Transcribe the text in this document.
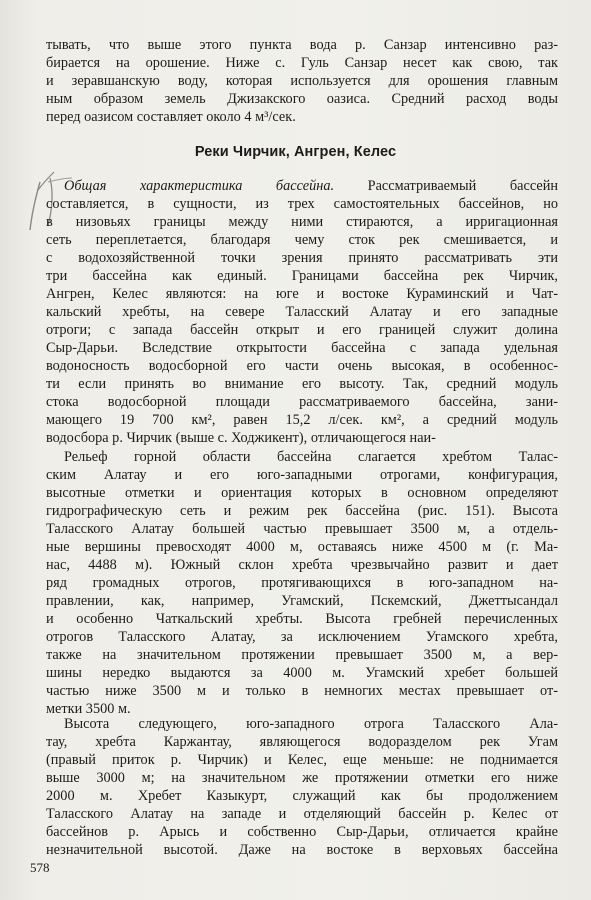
тывать, что выше этого пункта вода р. Санзар интенсивно раз-
бирается на орошение. Ниже с. Гуль Санзар несет как свою, так
и зеравшанскую воду, которая используется для орошения главным
ным образом земель Джизакского оазиса. Средний расход воды
перед оазисом составляет около 4 м³/сек.
Реки Чирчик, Ангрен, Келес
Общая характеристика бассейна. Рассматриваемый бассейн
составляется, в сущности, из трех самостоятельных бассейнов, но
в низовьях границы между ними стираются, а ирригационная
сеть переплетается, благодаря чему сток рек смешивается, и
с водохозяйственной точки зрения принято рассматривать эти
три бассейна как единый. Границами бассейна рек Чирчик,
Ангрен, Келес являются: на юге и востоке Кураминский и Чат-
кальский хребты, на севере Таласский Алатау и его западные
отроги; с запада бассейн открыт и его границей служит долина
Сыр-Дарьи. Вследствие открытости бассейна с запада удельная
водоносность водосборной его части очень высокая, в особеннос-
ти если принять во внимание его высоту. Так, средний модуль
стока водосборной площади рассматриваемого бассейна, зани-
мающего 19 700 км², равен 15,2 л/сек. км², а средний модуль
водосбора р. Чирчик (выше с. Ходжикент), отличающегося наи-
Рельеф горной области бассейна слагается хребтом Талас-
ским Алатау и его юго-западными отрогами, конфигурация,
высотные отметки и ориентация которых в основном определяют
гидрографическую сеть и режим рек бассейна (рис. 151). Высота
Таласского Алатау большей частью превышает 3500 м, а отдель-
ные вершины превосходят 4000 м, оставаясь ниже 4500 м (г. Ма-
нас, 4488 м). Южный склон хребта чрезвычайно развит и дает
ряд громадных отрогов, протягивающихся в юго-западном на-
правлении, как, например, Угамский, Пскемский, Джеттысандал
и особенно Чаткальский хребты. Высота гребней перечисленных
отрогов Таласского Алатау, за исключением Угамского хребта,
также на значительном протяжении превышает 3500 м, а вер-
шины нередко выдаются за 4000 м. Угамский хребет большей
частью ниже 3500 м и только в немногих местах превышает от-
метки 3500 м.
Высота следующего, юго-западного отрога Таласского Ала-
тау, хребта Каржантау, являющегося водоразделом рек Угам
(правый приток р. Чирчик) и Келес, еще меньше: не поднимается
выше 3000 м; на значительном же протяжении отметки его ниже
2000 м. Хребет Казыкурт, служащий как бы продолжением
Таласского Алатау на западе и отделяющий бассейн р. Келес от
бассейнов р. Арысь и собственно Сыр-Дарьи, отличается крайне
незначительной высотой. Даже на востоке в верховьях бассейна
578
